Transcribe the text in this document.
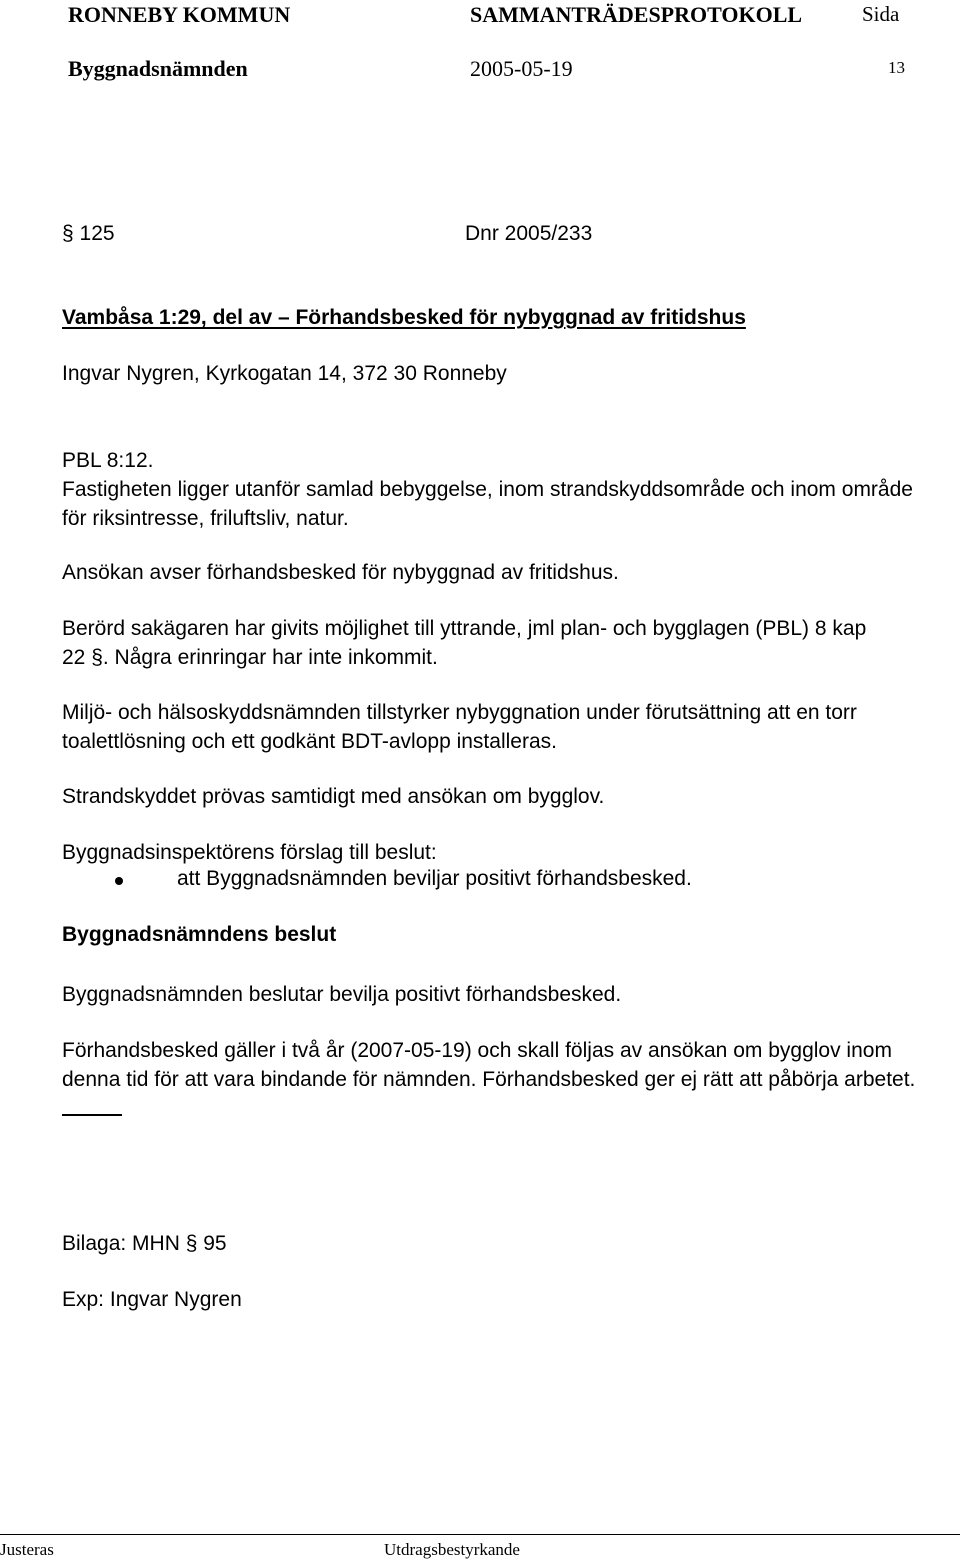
RONNEBY KOMMUN	SAMMANTRÄDESPROTOKOLL	Sida
Byggnadsnämnden	2005-05-19	13
§ 125	Dnr 2005/233
Vambåsa 1:29, del av – Förhandsbesked för nybyggnad av fritidshus
Ingvar Nygren, Kyrkogatan 14, 372 30 Ronneby

PBL 8:12.

Fastigheten ligger utanför samlad bebyggelse, inom strandskyddsområde och inom område

för riksintresse, friluftsliv, natur.

Ansökan avser förhandsbesked för nybyggnad av fritidshus.

Berörd sakägaren har givits möjlighet till yttrande, jml plan- och bygglagen (PBL) 8 kap

22 §. Några erinringar har inte inkommit.

Miljö- och hälsoskyddsnämnden tillstyrker nybyggnation under förutsättning att en torr

toalettlösning och ett godkänt BDT-avlopp installeras.

Strandskyddet prövas samtidigt med ansökan om bygglov.

Byggnadsinspektörens förslag till beslut:

att Byggnadsnämnden beviljar positivt förhandsbesked.
Byggnadsnämndens beslut

Byggnadsnämnden beslutar bevilja positivt förhandsbesked.

Förhandsbesked gäller i två år (2007-05-19) och skall följas av ansökan om bygglov inom

denna tid för att vara bindande för nämnden. Förhandsbesked ger ej rätt att påbörja arbetet.

Bilaga: MHN § 95
Exp: Ingvar Nygren
Justeras	Utdragsbestyrkande
